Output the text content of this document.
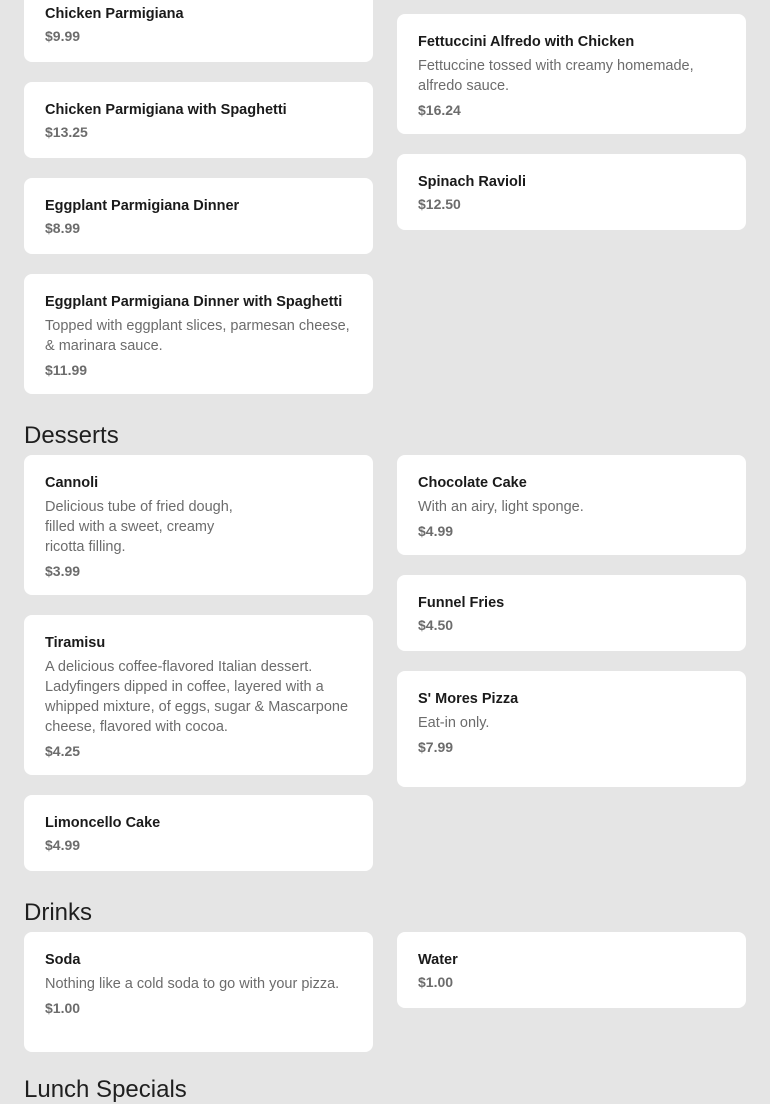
Chicken Parmigiana
$9.99	Fettuccini Alfredo with Chicken
Fettuccine tossed with creamy homemade, alfredo sauce.
$16.24
Chicken Parmigiana with Spaghetti
$13.25
Spinach Ravioli
$12.50
Eggplant Parmigiana Dinner
$8.99
Eggplant Parmigiana Dinner with Spaghetti
Topped with eggplant slices, parmesan cheese, & marinara sauce.
$11.99
Desserts
Cannoli
Delicious tube of fried dough, filled with a sweet, creamy ricotta filling.
$3.99
Chocolate Cake
With an airy, light sponge.
$4.99
Funnel Fries
$4.50
Tiramisu
A delicious coffee-flavored Italian dessert. Ladyfingers dipped in coffee, layered with a whipped mixture, of eggs, sugar & Mascarpone cheese, flavored with cocoa.
$4.25
S' Mores Pizza
Eat-in only.
$7.99
Limoncello Cake
$4.99
Drinks
Soda
Nothing like a cold soda to go with your pizza.
$1.00
Water
$1.00
Lunch Specials
